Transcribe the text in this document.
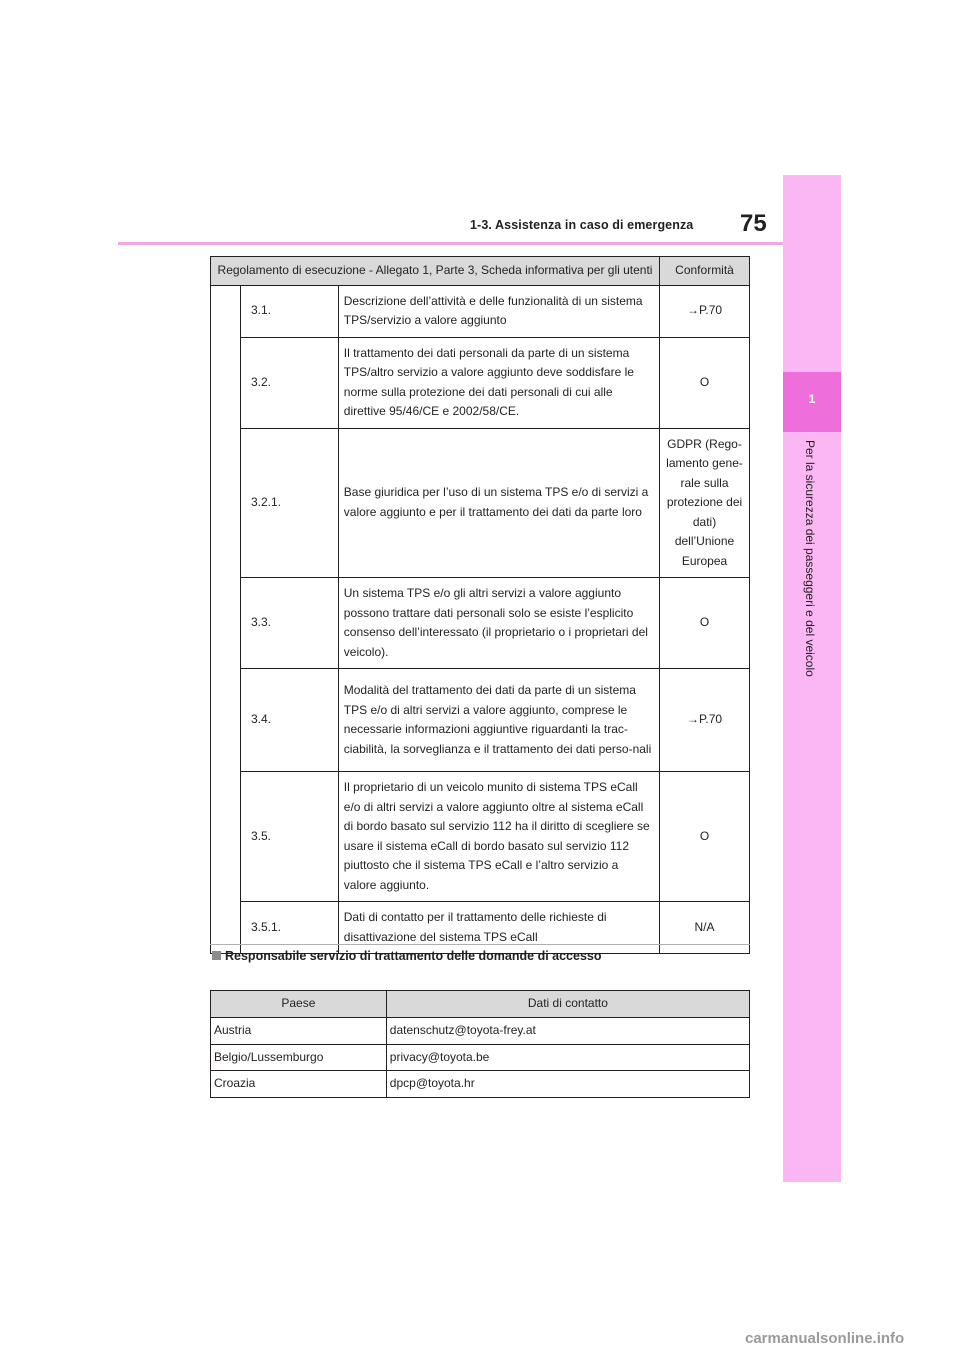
1-3. Assistenza in caso di emergenza 75
1
Per la sicurezza dei passeggeri e del veicolo
Regolamento di esecuzione - Allegato 1, Parte 3, Scheda informativa per gli utenti			Conformità
	3.1.	Descrizione dell’attività e delle funzionalità di un sistema TPS/servizio a valore aggiunto	→P.70
	3.2.	Il trattamento dei dati personali da parte di un sistema TPS/altro servizio a valore aggiunto deve soddisfare le norme sulla protezione dei dati personali di cui alle direttive 95/46/CE e 2002/58/CE.	O
	3.2.1.	Base giuridica per l’uso di un sistema TPS e/o di servizi a valore aggiunto e per il trattamento dei dati da parte loro	GDPR (Rego-lamento gene-rale sulla protezione dei dati) dell’Unione Europea
	3.3.	Un sistema TPS e/o gli altri servizi a valore aggiunto possono trattare dati personali solo se esiste l’esplicito consenso dell’interessato (il proprietario o i proprietari del veicolo).	O
	3.4.	Modalità del trattamento dei dati da parte di un sistema TPS e/o di altri servizi a valore aggiunto, comprese le necessarie informazioni aggiuntive riguardanti la trac-ciabilità, la sorveglianza e il trattamento dei dati perso-nali	→P.70
	3.5.	Il proprietario di un veicolo munito di sistema TPS eCall e/o di altri servizi a valore aggiunto oltre al sistema eCall di bordo basato sul servizio 112 ha il diritto di scegliere se usare il sistema eCall di bordo basato sul servizio 112 piuttosto che il sistema TPS eCall e l’altro servizio a valore aggiunto.	O
	3.5.1.	Dati di contatto per il trattamento delle richieste di disattivazione del sistema TPS eCall	N/A
Responsabile servizio di trattamento delle domande di accesso
Paese	Dati di contatto
Austria	datenschutz@toyota-frey.at
Belgio/Lussemburgo	privacy@toyota.be
Croazia	dpcp@toyota.hr
carmanualsonline.info
